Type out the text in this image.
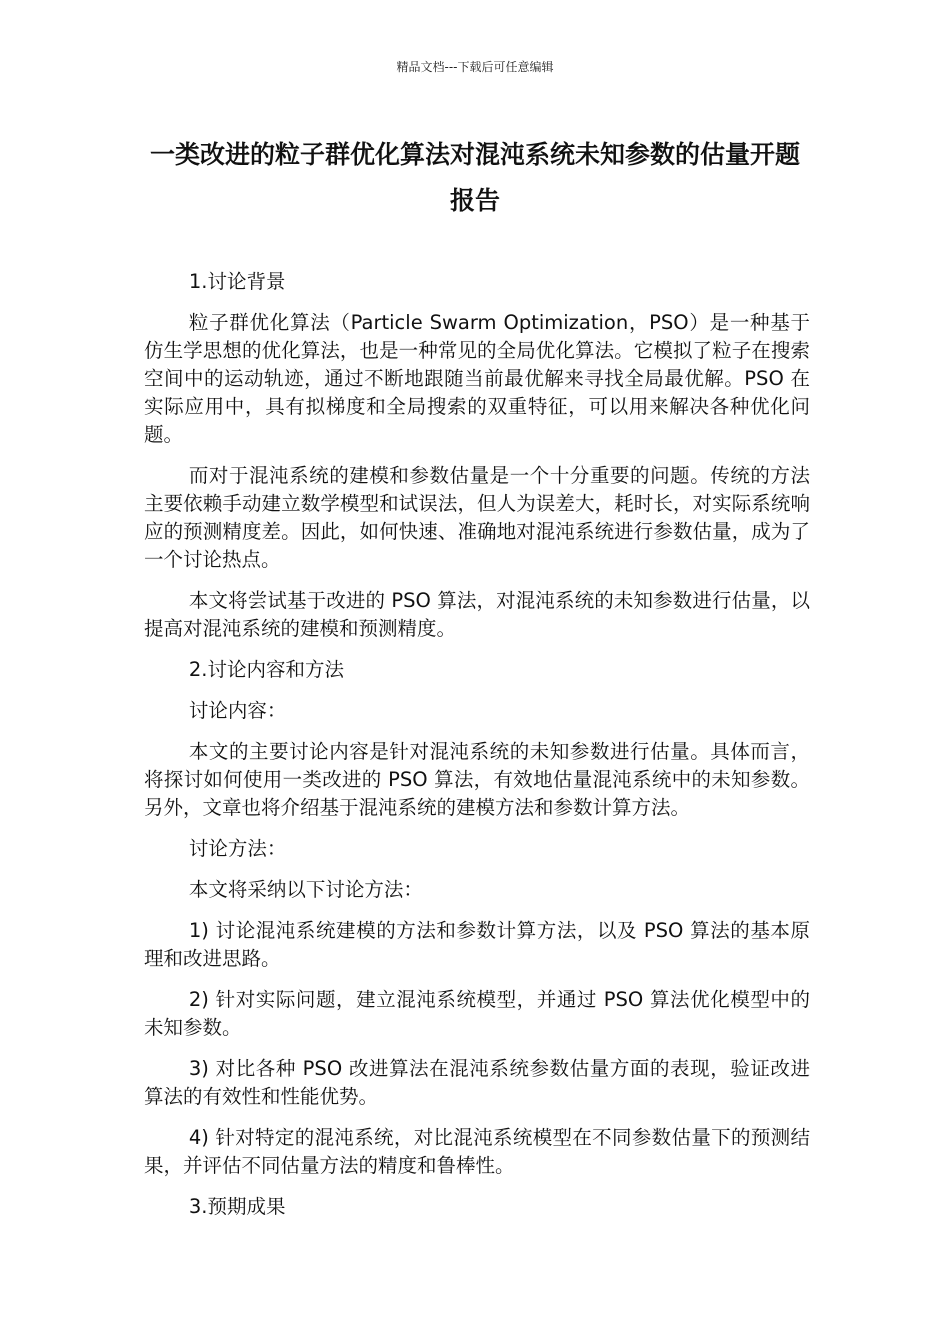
精品文档---下载后可任意编辑
一类改进的粒子群优化算法对混沌系统未知参数的估量开题报告

1.讨论背景

粒子群优化算法（Particle Swarm Optimization，PSO）是一种基于仿生学思想的优化算法，也是一种常见的全局优化算法。它模拟了粒子在搜索空间中的运动轨迹，通过不断地跟随当前最优解来寻找全局最优解。PSO 在实际应用中，具有拟梯度和全局搜索的双重特征，可以用来解决各种优化问题。

而对于混沌系统的建模和参数估量是一个十分重要的问题。传统的方法主要依赖手动建立数学模型和试误法，但人为误差大，耗时长，对实际系统响应的预测精度差。因此，如何快速、准确地对混沌系统进行参数估量，成为了一个讨论热点。

本文将尝试基于改进的 PSO 算法，对混沌系统的未知参数进行估量，以提高对混沌系统的建模和预测精度。

2.讨论内容和方法

讨论内容：

本文的主要讨论内容是针对混沌系统的未知参数进行估量。具体而言，将探讨如何使用一类改进的 PSO 算法，有效地估量混沌系统中的未知参数。另外，文章也将介绍基于混沌系统的建模方法和参数计算方法。

讨论方法：

本文将采纳以下讨论方法：

1) 讨论混沌系统建模的方法和参数计算方法，以及 PSO 算法的基本原理和改进思路。

2) 针对实际问题，建立混沌系统模型，并通过 PSO 算法优化模型中的未知参数。

3) 对比各种 PSO 改进算法在混沌系统参数估量方面的表现，验证改进算法的有效性和性能优势。

4) 针对特定的混沌系统，对比混沌系统模型在不同参数估量下的预测结果，并评估不同估量方法的精度和鲁棒性。

3.预期成果
